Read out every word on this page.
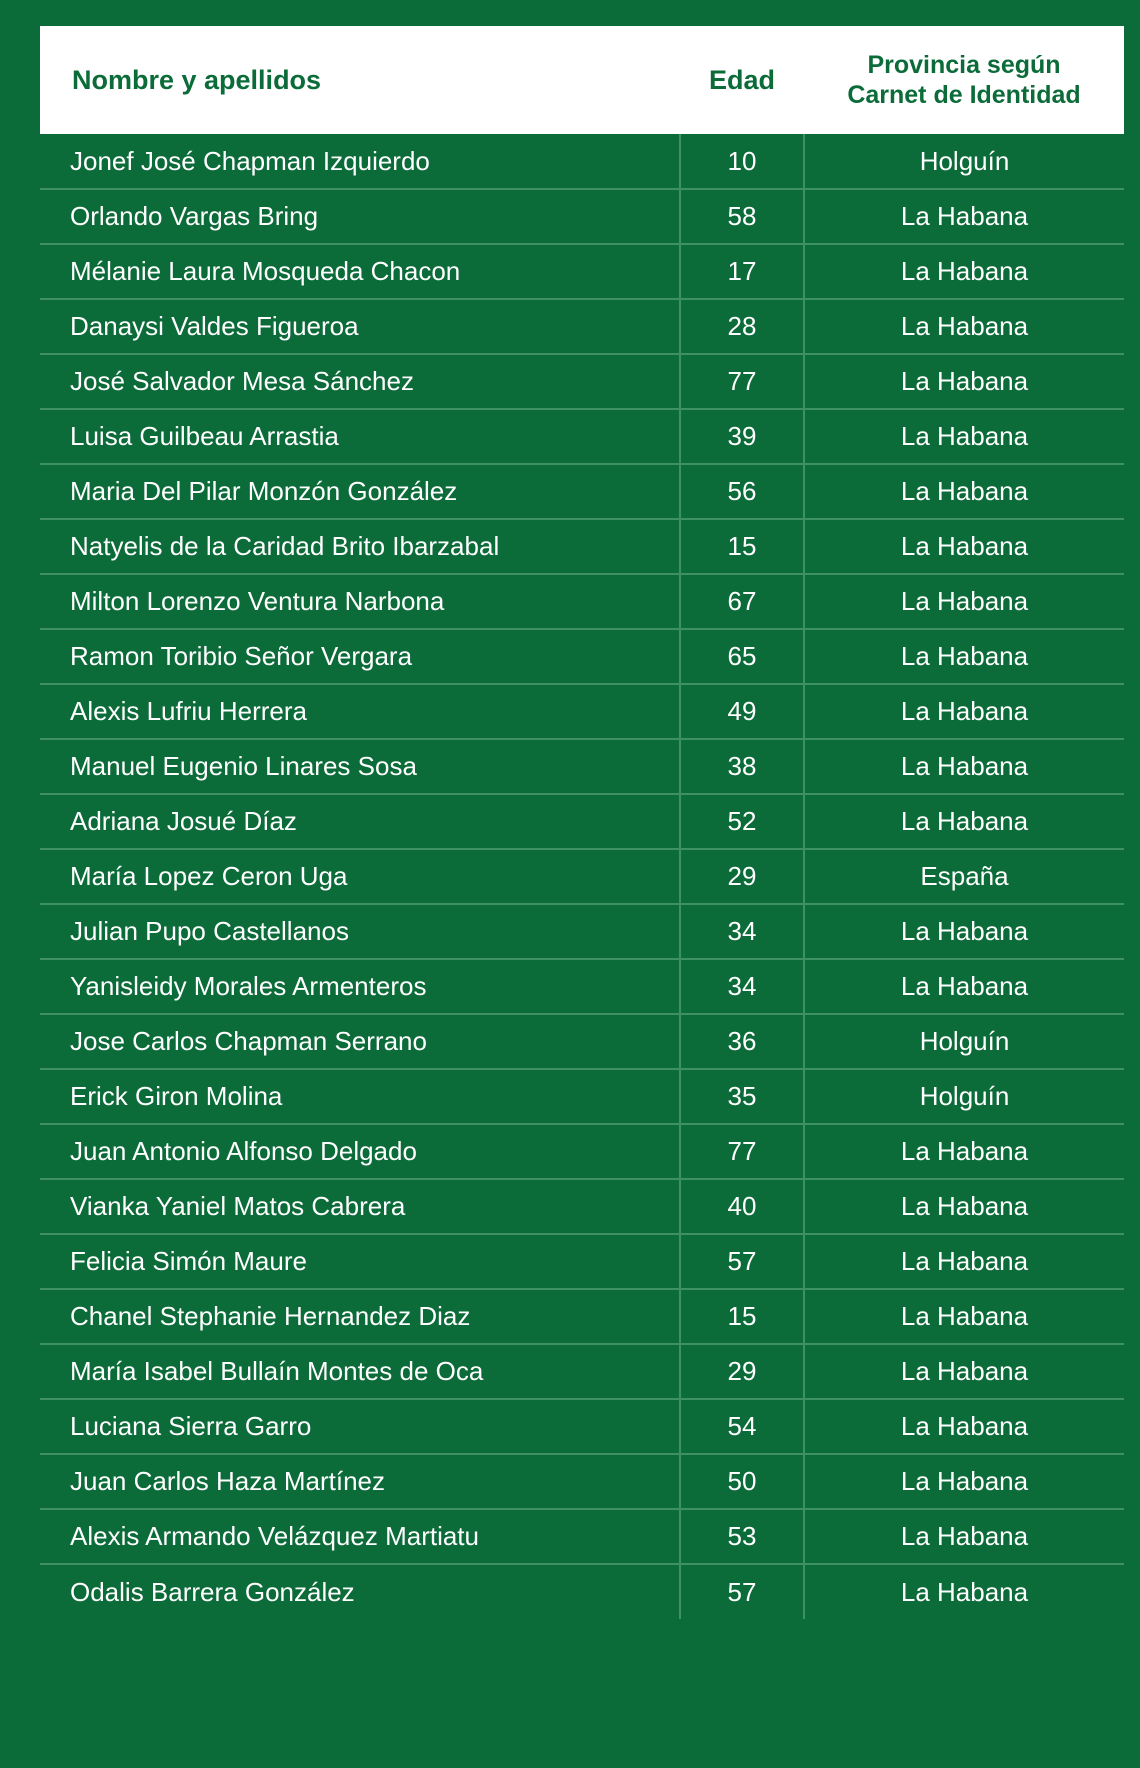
Nombre y apellidos	Edad	Provincia según
Carnet de Identidad

Jonef José Chapman Izquierdo	10	Holguín
Orlando Vargas Bring	58	La Habana
Mélanie Laura Mosqueda Chacon	17	La Habana
Danaysi Valdes Figueroa	28	La Habana
José Salvador Mesa Sánchez	77	La Habana
Luisa Guilbeau Arrastia	39	La Habana
Maria Del Pilar Monzón González	56	La Habana
Natyelis de la Caridad Brito Ibarzabal	15	La Habana
Milton Lorenzo Ventura Narbona	67	La Habana
Ramon Toribio Señor Vergara	65	La Habana
Alexis Lufriu Herrera	49	La Habana
Manuel Eugenio Linares Sosa	38	La Habana
Adriana Josué Díaz	52	La Habana
María Lopez Ceron Uga	29	España
Julian Pupo Castellanos	34	La Habana
Yanisleidy Morales Armenteros	34	La Habana
Jose Carlos Chapman Serrano	36	Holguín
Erick Giron Molina	35	Holguín
Juan Antonio Alfonso Delgado	77	La Habana
Vianka Yaniel Matos Cabrera	40	La Habana
Felicia Simón Maure	57	La Habana
Chanel Stephanie Hernandez Diaz	15	La Habana
María Isabel Bullaín Montes de Oca	29	La Habana
Luciana Sierra Garro	54	La Habana
Juan Carlos Haza Martínez	50	La Habana
Alexis Armando Velázquez Martiatu	53	La Habana
Odalis Barrera González	57	La Habana
